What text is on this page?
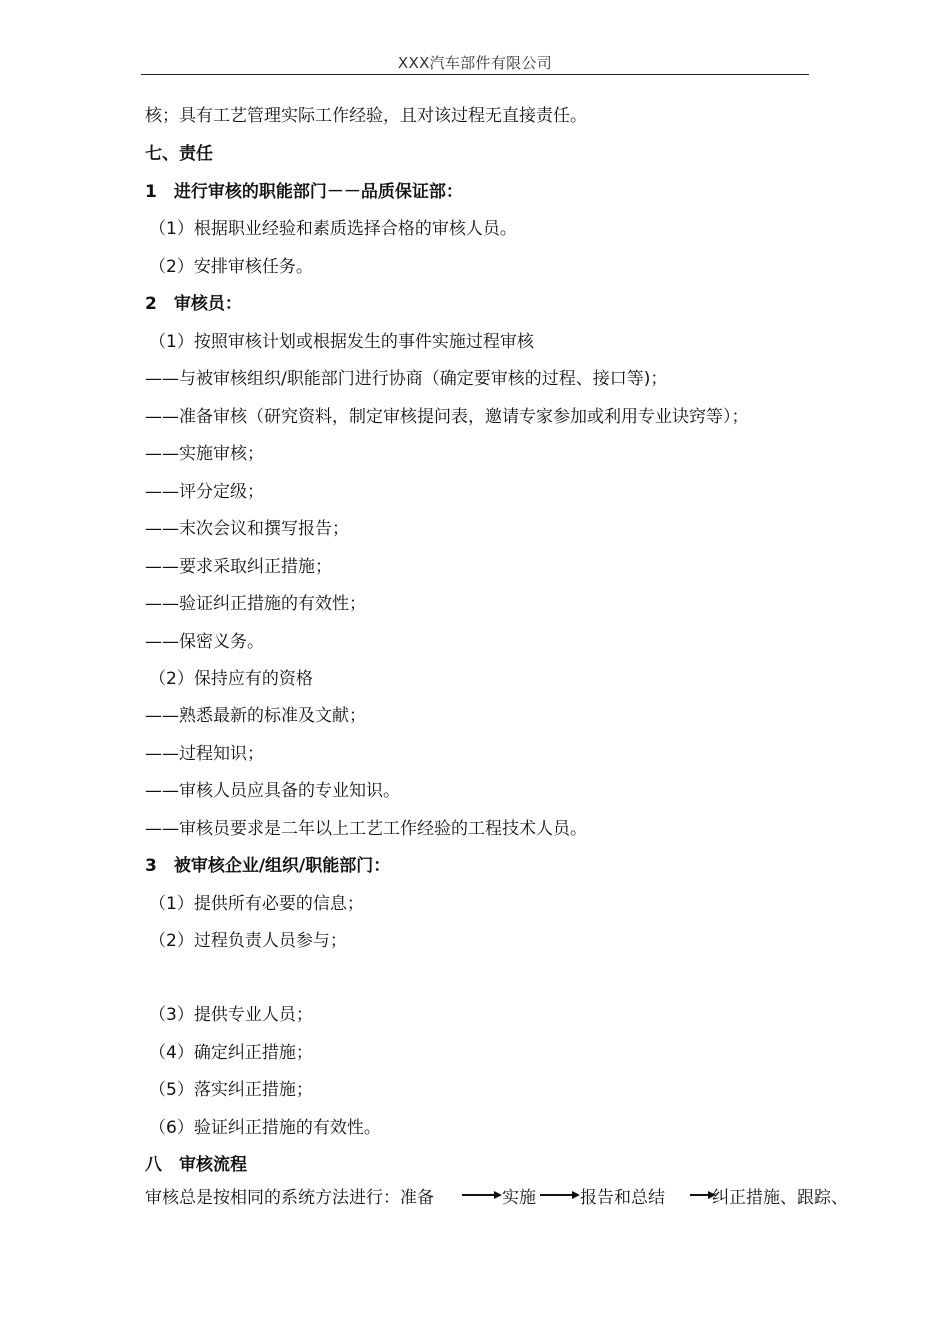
XXX汽车部件有限公司
核；具有工艺管理实际工作经验，且对该过程无直接责任。
七、责任
1　进行审核的职能部门－－品质保证部：
（1）根据职业经验和素质选择合格的审核人员。
（2）安排审核任务。
2　审核员：
（1）按照审核计划或根据发生的事件实施过程审核
——与被审核组织/职能部门进行协商（确定要审核的过程、接口等)；
——准备审核（研究资料，制定审核提问表，邀请专家参加或利用专业诀窍等）；
——实施审核；
——评分定级；
——末次会议和撰写报告；
——要求采取纠正措施；
——验证纠正措施的有效性；
——保密义务。
（2）保持应有的资格
——熟悉最新的标准及文献；
——过程知识；
——审核人员应具备的专业知识。
——审核员要求是二年以上工艺工作经验的工程技术人员。
3　被审核企业/组织/职能部门：
（1）提供所有必要的信息；
（2）过程负责人员参与；
（3）提供专业人员；
（4）确定纠正措施；
（5）落实纠正措施；
（6）验证纠正措施的有效性。
八　审核流程
审核总是按相同的系统方法进行：准备	实施	报告和总结	纠正措施、跟踪、
